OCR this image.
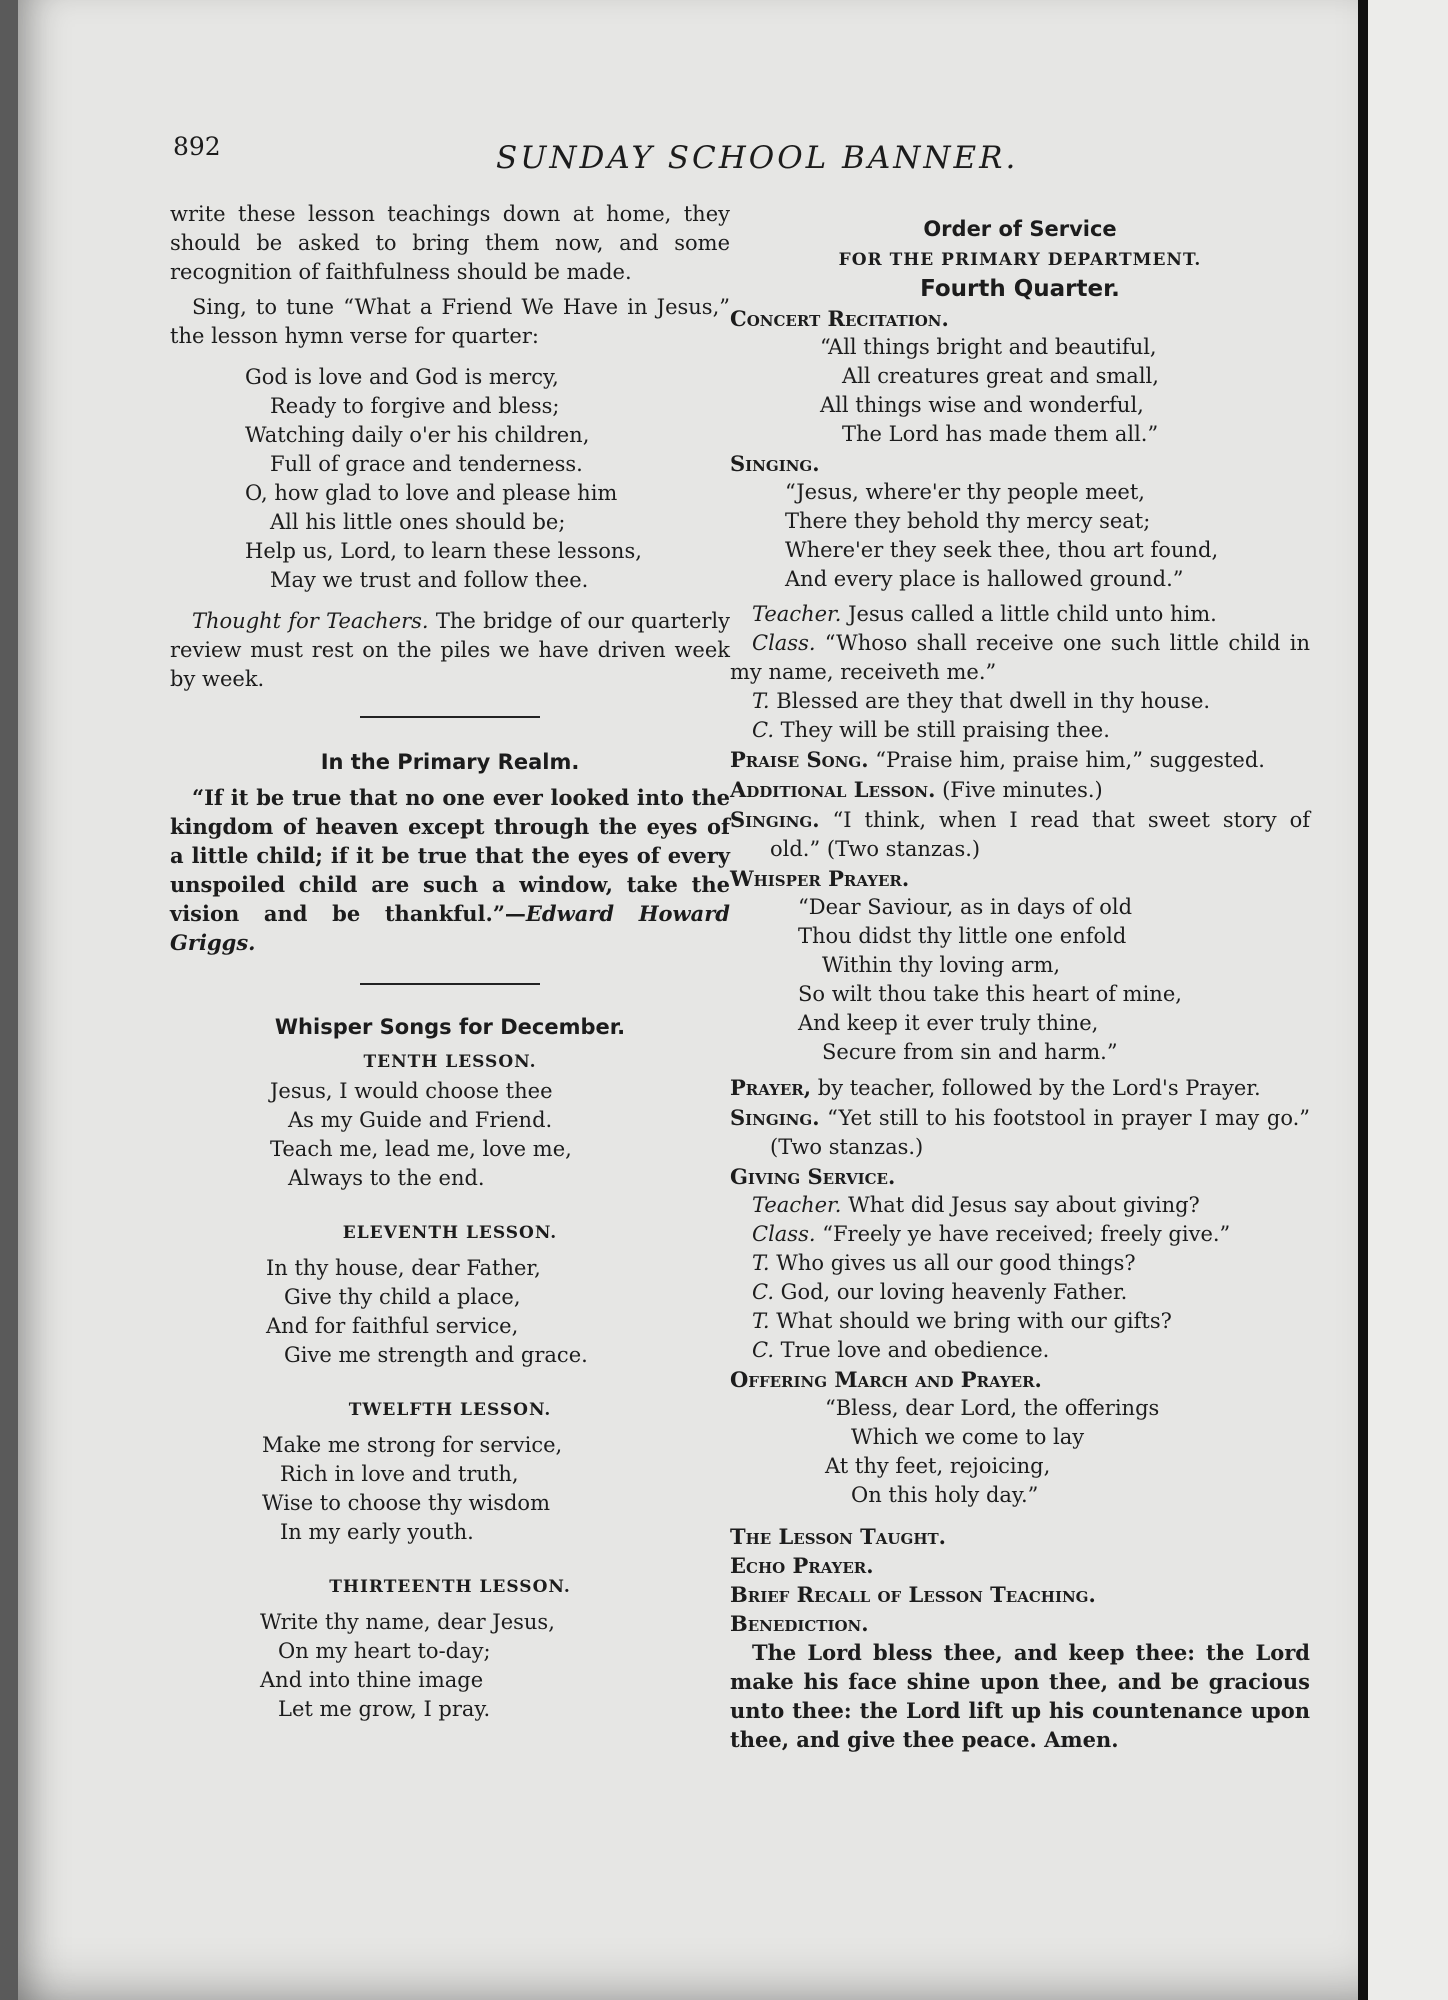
892	SUNDAY SCHOOL BANNER.

write these lesson teachings down at home, they should be asked to bring them now, and some recognition of faithfulness should be made.

Sing, to tune “What a Friend We Have in Jesus,” the lesson hymn verse for quarter:

God is love and God is mercy,
Ready to forgive and bless;
Watching daily o'er his children,
Full of grace and tenderness.
O, how glad to love and please him
All his little ones should be;
Help us, Lord, to learn these lessons,
May we trust and follow thee.

Thought for Teachers. The bridge of our quarterly review must rest on the piles we have driven week by week.

In the Primary Realm.

“If it be true that no one ever looked into the kingdom of heaven except through the eyes of a little child; if it be true that the eyes of every unspoiled child are such a window, take the vision and be thankful.”—Edward Howard Griggs.

Whisper Songs for December.
TENTH LESSON.
Jesus, I would choose thee
As my Guide and Friend.
Teach me, lead me, love me,
Always to the end.
ELEVENTH LESSON.
In thy house, dear Father,
Give thy child a place,
And for faithful service,
Give me strength and grace.
TWELFTH LESSON.
Make me strong for service,
Rich in love and truth,
Wise to choose thy wisdom
In my early youth.
THIRTEENTH LESSON.
Write thy name, dear Jesus,
On my heart to-day;
And into thine image
Let me grow, I pray.
Order of Service
FOR THE PRIMARY DEPARTMENT.
Fourth Quarter.

Concert Recitation.

“All things bright and beautiful,
All creatures great and small,
All things wise and wonderful,
The Lord has made them all.”

Singing.

“Jesus, where'er thy people meet,
There they behold thy mercy seat;
Where'er they seek thee, thou art found,
And every place is hallowed ground.”

Teacher. Jesus called a little child unto him.

Class. “Whoso shall receive one such little child in my name, receiveth me.”

T. Blessed are they that dwell in thy house.

C. They will be still praising thee.

Praise Song. “Praise him, praise him,” suggested.

Additional Lesson. (Five minutes.)

Singing. “I think, when I read that sweet story of old.” (Two stanzas.)

Whisper Prayer.

“Dear Saviour, as in days of old
Thou didst thy little one enfold
Within thy loving arm,
So wilt thou take this heart of mine,
And keep it ever truly thine,
Secure from sin and harm.”

Prayer, by teacher, followed by the Lord's Prayer.

Singing. “Yet still to his footstool in prayer I may go.” (Two stanzas.)

Giving Service.

Teacher. What did Jesus say about giving?

Class. “Freely ye have received; freely give.”

T. Who gives us all our good things?

C. God, our loving heavenly Father.

T. What should we bring with our gifts?

C. True love and obedience.

Offering March and Prayer.

“Bless, dear Lord, the offerings
Which we come to lay
At thy feet, rejoicing,
On this holy day.”

The Lesson Taught.

Echo Prayer.

Brief Recall of Lesson Teaching.

Benediction.

The Lord bless thee, and keep thee: the Lord make his face shine upon thee, and be gracious unto thee: the Lord lift up his countenance upon thee, and give thee peace. Amen.
